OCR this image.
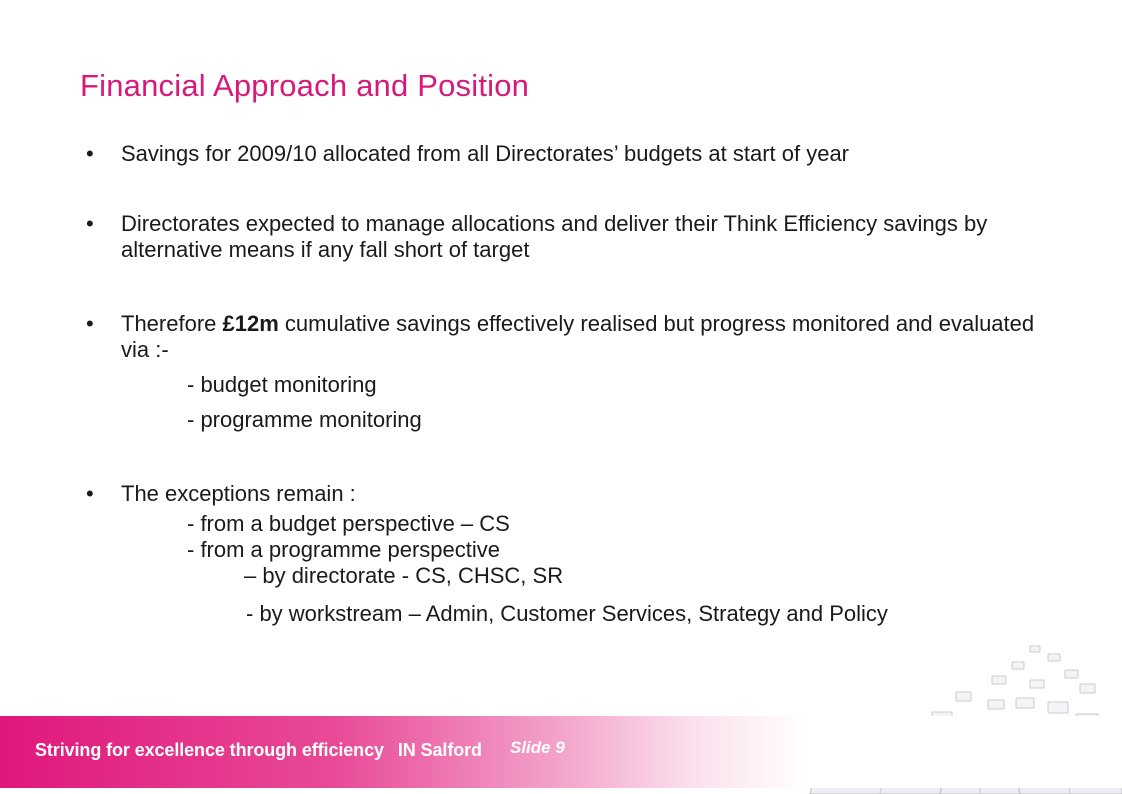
Financial Approach and Position
• Savings for 2009/10 allocated from all Directorates’ budgets at start of year
• Directorates expected to manage allocations and deliver their Think Efficiency savings by alternative means if any fall short of target
• Therefore £12m cumulative savings effectively realised but progress monitored and evaluated via :-
- budget monitoring
- programme monitoring
• The exceptions remain :
- from a budget perspective – CS
- from a programme perspective
– by directorate - CS, CHSC, SR
- by workstream – Admin, Customer Services, Strategy and Policy
Striving for excellence through efficiency IN Salford Slide 9
